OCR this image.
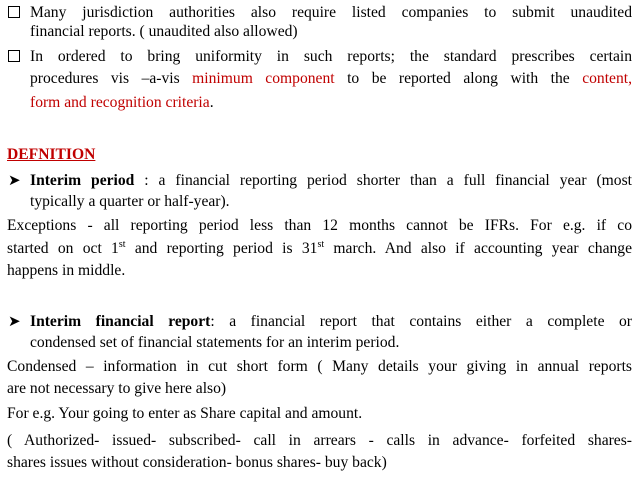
Many jurisdiction authorities also require listed companies to submit unaudited
financial reports. ( unaudited also allowed)
In ordered to bring uniformity in such reports; the standard prescribes certain
procedures vis –a-vis minimum component to be reported along with the content,
form and recognition criteria.
DEFNITION
➤ Interim period : a financial reporting period shorter than a full financial year (most
typically a quarter or half-year).
Exceptions - all reporting period less than 12 months cannot be IFRs. For e.g. if co
started on oct 1st and reporting period is 31st march. And also if accounting year change
happens in middle.
➤ Interim financial report: a financial report that contains either a complete or
condensed set of financial statements for an interim period.
Condensed – information in cut short form ( Many details your giving in annual reports
are not necessary to give here also)
For e.g. Your going to enter as Share capital and amount.
( Authorized- issued- subscribed- call in arrears - calls in advance- forfeited shares-
shares issues without consideration- bonus shares- buy back)
